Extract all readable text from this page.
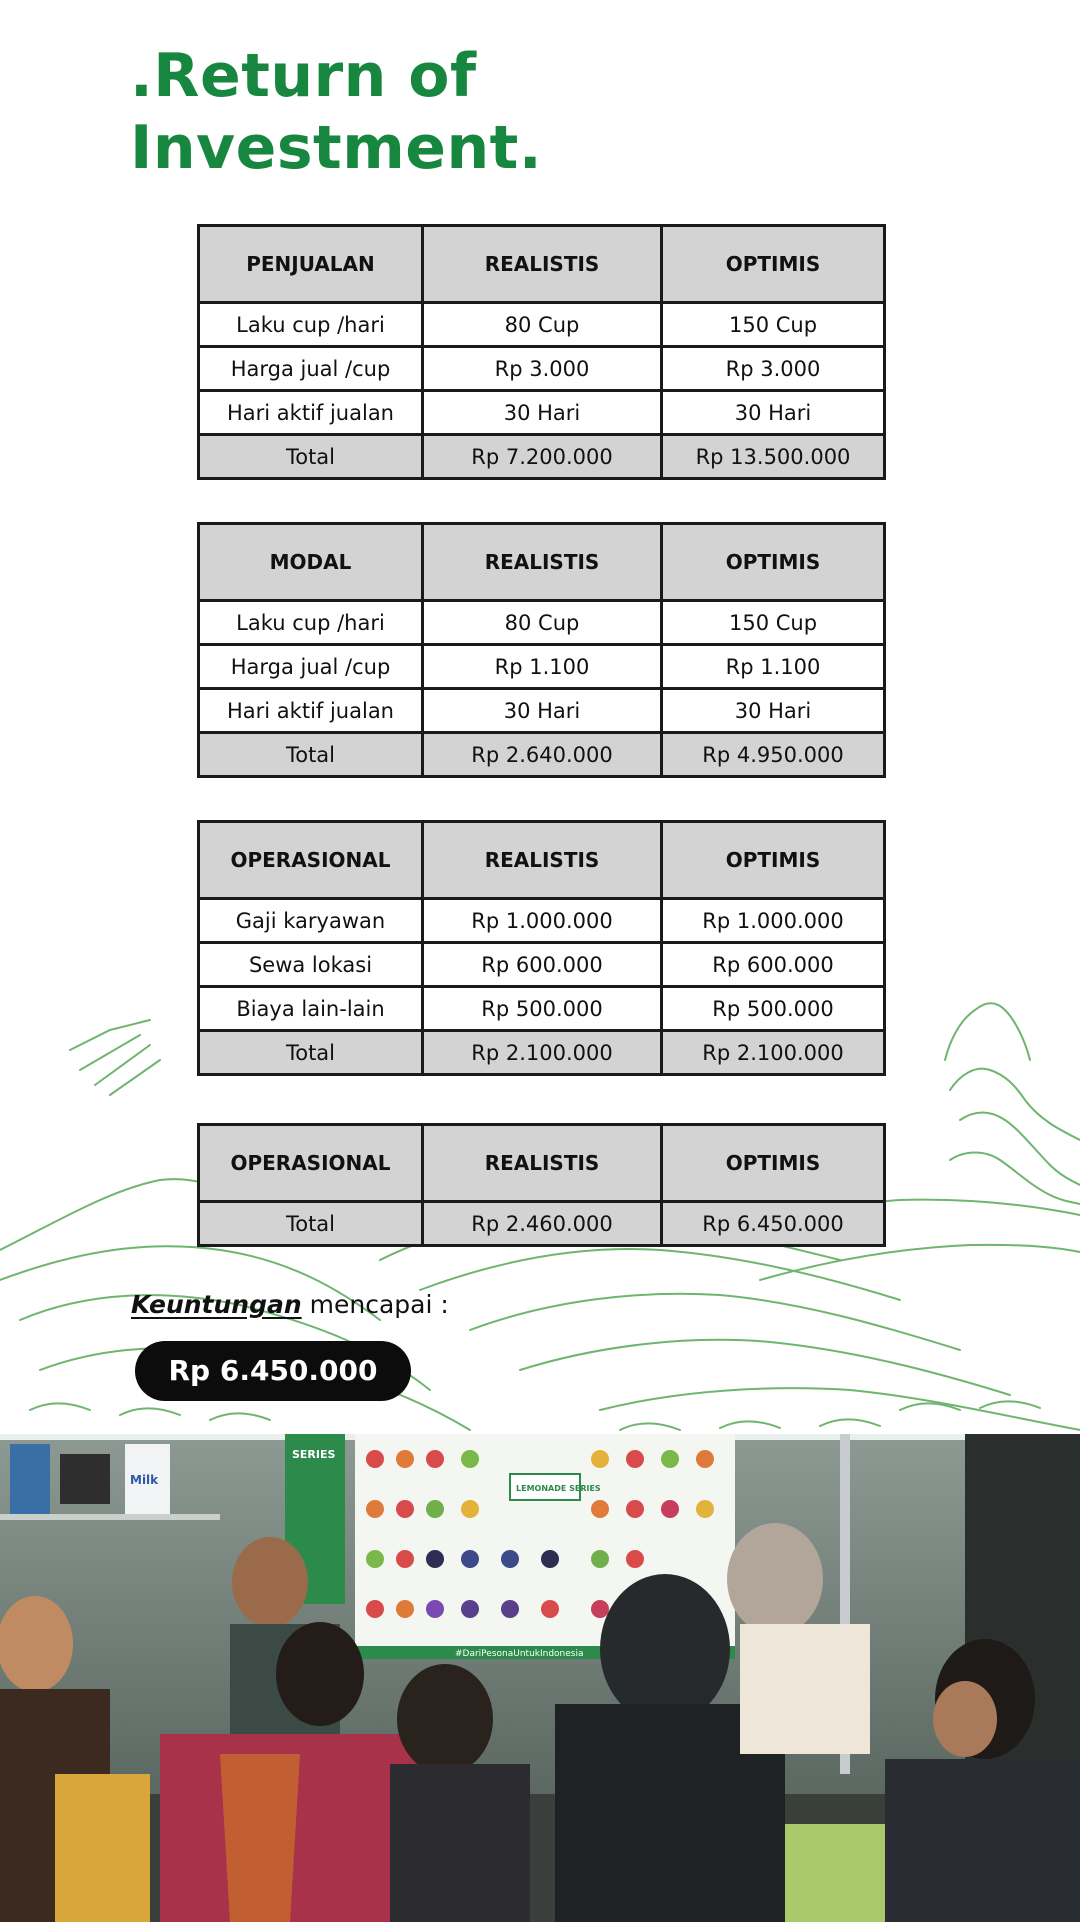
.Return of
Investment.
PENJUALAN	REALISTIS	OPTIMIS
Laku cup /hari	80 Cup	150 Cup
Harga jual /cup	Rp 3.000	Rp 3.000
Hari aktif jualan	30 Hari	30 Hari
Total	Rp 7.200.000	Rp 13.500.000
MODAL	REALISTIS	OPTIMIS
Laku cup /hari	80 Cup	150 Cup
Harga jual /cup	Rp 1.100	Rp 1.100
Hari aktif jualan	30 Hari	30 Hari
Total	Rp 2.640.000	Rp 4.950.000
OPERASIONAL	REALISTIS	OPTIMIS
Gaji karyawan	Rp 1.000.000	Rp 1.000.000
Sewa lokasi	Rp 600.000	Rp 600.000
Biaya lain-lain	Rp 500.000	Rp 500.000
Total	Rp 2.100.000	Rp 2.100.000
OPERASIONAL	REALISTIS	OPTIMIS
Total	Rp 2.460.000	Rp 6.450.000
Keuntungan mencapai :
Rp 6.450.000
Milk
SERIES
#DariPesonaUntukIndonesia
LEMONADE SERIES
